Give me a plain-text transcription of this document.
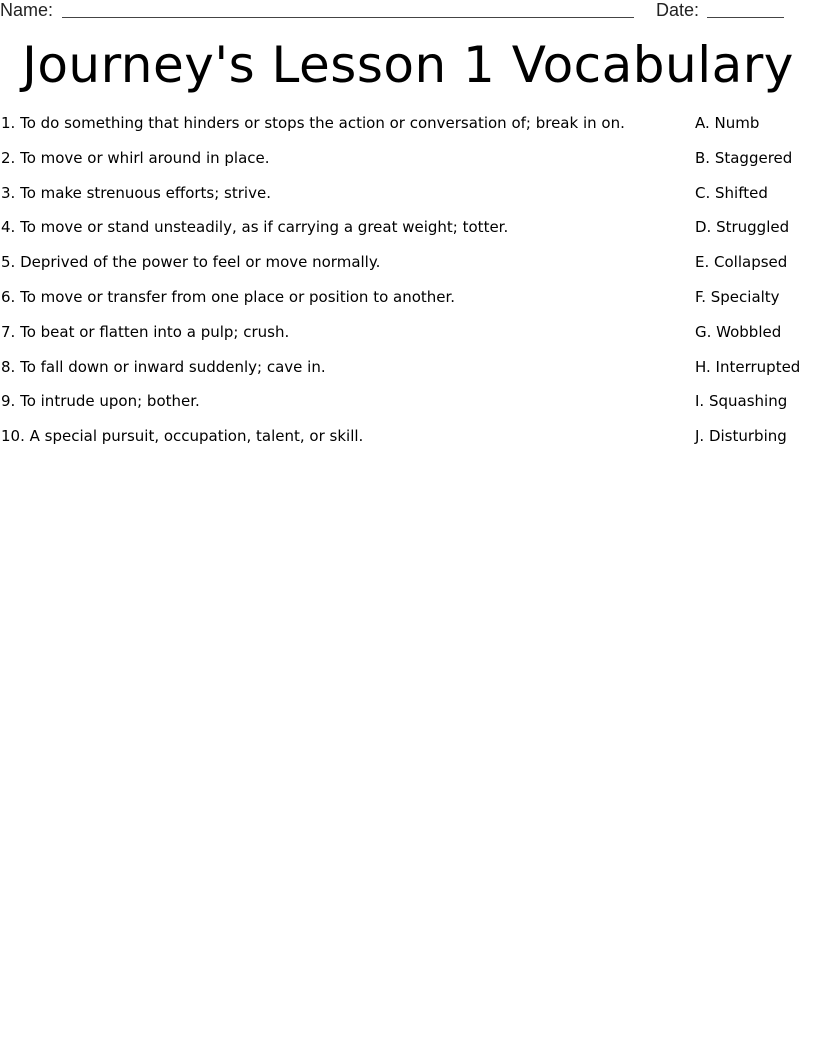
Name:	Date:
Journey's Lesson 1 Vocabulary
1. To do something that hinders or stops the action or conversation of; break in on.
2. To move or whirl around in place.
3. To make strenuous efforts; strive.
4. To move or stand unsteadily, as if carrying a great weight; totter.
5. Deprived of the power to feel or move normally.
6. To move or transfer from one place or position to another.
7. To beat or flatten into a pulp; crush.
8. To fall down or inward suddenly; cave in.
9. To intrude upon; bother.
10. A special pursuit, occupation, talent, or skill.
A. Numb
B. Staggered
C. Shifted
D. Struggled
E. Collapsed
F. Specialty
G. Wobbled
H. Interrupted
I. Squashing
J. Disturbing
